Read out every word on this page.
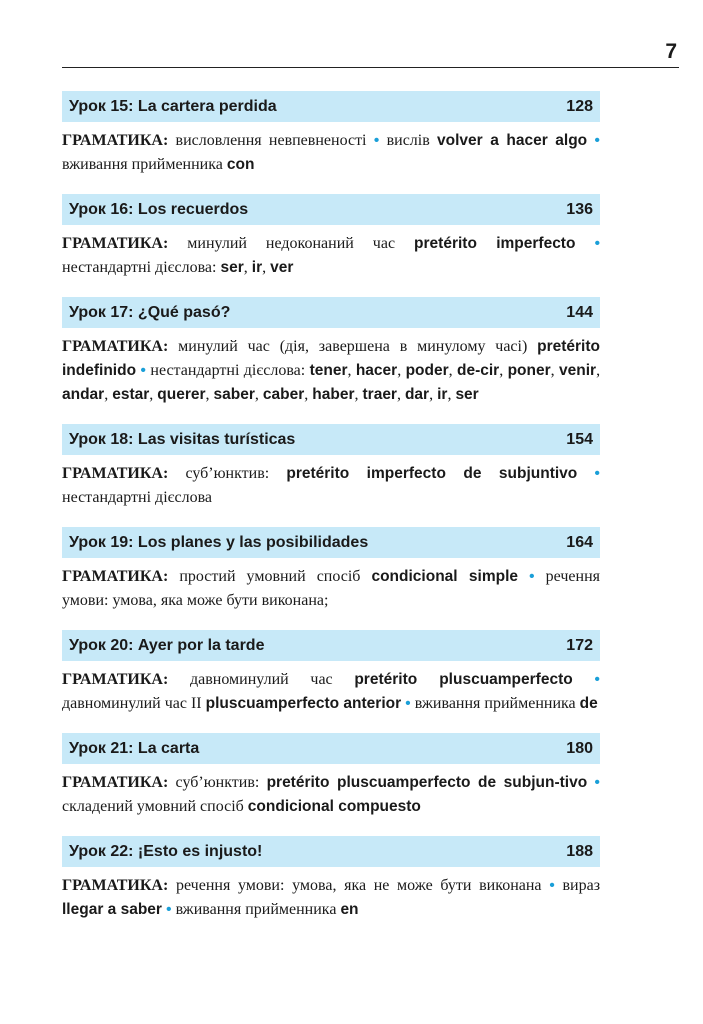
7
Урок 15: La cartera perdida	128
ГРАМАТИКА: висловлення невпевненості • вислів volver a hacer algo • вживання прийменника con
Урок 16: Los recuerdos	136
ГРАМАТИКА: минулий недоконаний час pretérito imperfecto • нестандартні дієслова: ser, ir, ver
Урок 17: ¿Qué pasó?	144
ГРАМАТИКА: минулий час (дія, завершена в минулому часі) pretérito indefinido • нестандартні дієслова: tener, hacer, poder, de-cir, poner, venir, andar, estar, querer, saber, caber, haber, traer, dar, ir, ser
Урок 18: Las visitas turísticas	154
ГРАМАТИКА: суб’юнктив: pretérito imperfecto de subjuntivo • нестандартні дієслова
Урок 19: Los planes y las posibilidades	164
ГРАМАТИКА: простий умовний спосіб condicional simple • речення умови: умова, яка може бути виконана;
Урок 20: Ayer por la tarde	172
ГРАМАТИКА: давноминулий час pretérito pluscuamperfecto • давноминулий час II pluscuamperfecto anterior • вживання прийменника de
Урок 21: La carta	180
ГРАМАТИКА: суб’юнктив: pretérito pluscuamperfecto de subjun-tivo • складений умовний спосіб condicional compuesto
Урок 22: ¡Esto es injusto!	188
ГРАМАТИКА: речення умови: умова, яка не може бути виконана • вираз llegar a saber • вживання прийменника en
